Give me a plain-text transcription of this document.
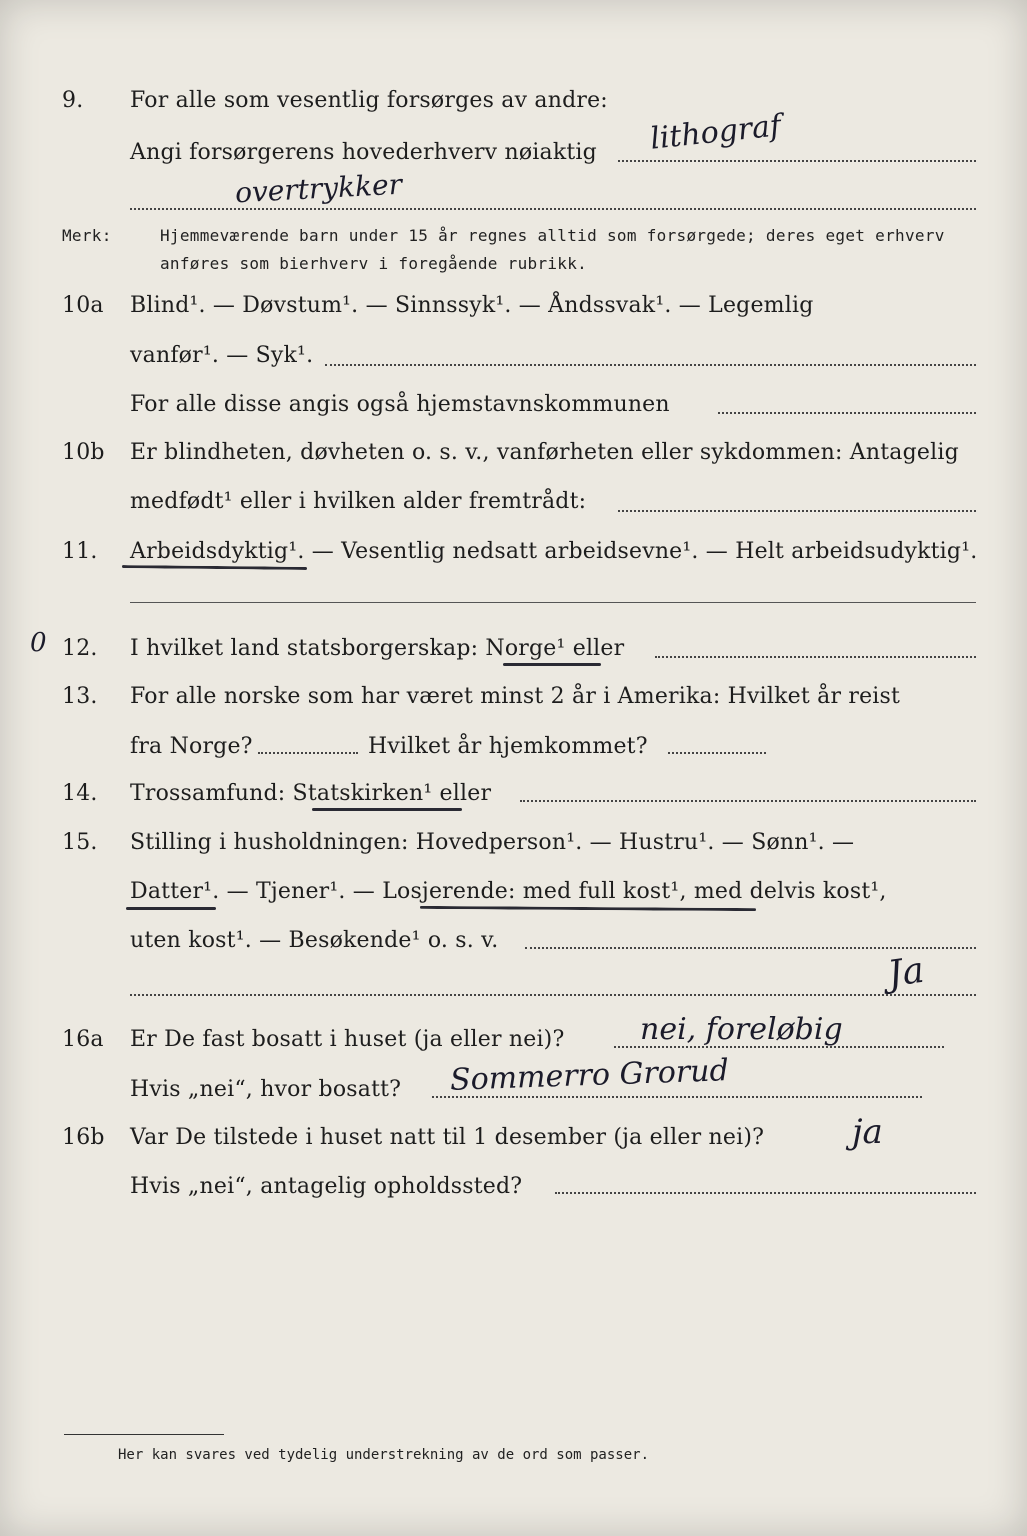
9. For alle som vesentlig forsørges av andre:
Angi forsørgerens hovederhverv nøiaktig lithograf
overtrykker
Merk:	Hjemmeværende barn under 15 år regnes alltid som forsørgede; deres eget erhverv
anføres som bierhverv i foregående rubrikk.
10a Blind¹. — Døvstum¹. — Sinnssyk¹. — Åndssvak¹. — Legemlig
vanfør¹. — Syk¹.
For alle disse angis også hjemstavnskommunen
10b Er blindheten, døvheten o. s. v., vanførheten eller sykdommen: Antagelig
medfødt¹ eller i hvilken alder fremtrådt:
11. Arbeidsdyktig¹. — Vesentlig nedsatt arbeidsevne¹. — Helt arbeidsudyktig¹.
0 12. I hvilket land statsborgerskap: Norge¹ eller
13. For alle norske som har været minst 2 år i Amerika: Hvilket år reist
fra Norge?	Hvilket år hjemkommet?
14. Trossamfund: Statskirken¹ eller
15. Stilling i husholdningen: Hovedperson¹. — Hustru¹. — Sønn¹. —
Datter¹. — Tjener¹. — Losjerende: med full kost¹, med delvis kost¹,
uten kost¹. — Besøkende¹ o. s. v.
Ja
16a Er De fast bosatt i huset (ja eller nei)?	nei, foreløbig
Hvis „nei“, hvor bosatt? Sommerro Grorud
16b Var De tilstede i huset natt til 1 desember (ja eller nei)?	ja
Hvis „nei“, antagelig opholdssted?
Her kan svares ved tydelig understrekning av de ord som passer.
